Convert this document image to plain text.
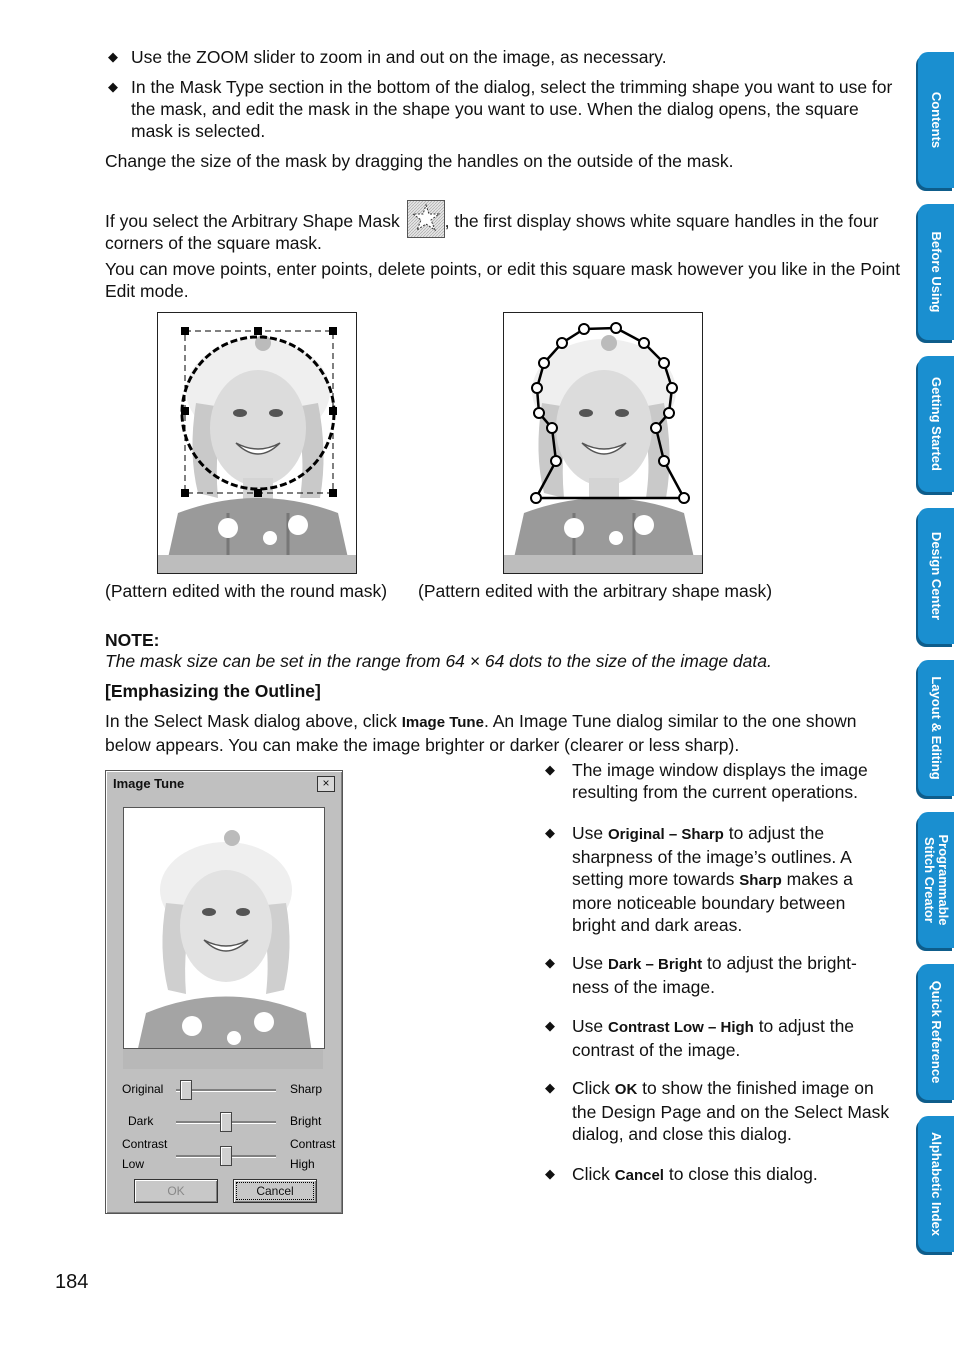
◆ Use the ZOOM slider to zoom in and out on the image, as necessary.
◆ In the Mask Type section in the bottom of the dialog, select the trimming shape you want to use for the mask, and edit the mask in the shape you want to use. When the dialog opens, the square mask is selected.
Change the size of the mask by dragging the handles on the outside of the mask.
If you select the Arbitrary Shape Mask	, the first display shows white square handles in the four
corners of the square mask.
You can move points, enter points, delete points, or edit this square mask however you like in the Point Edit mode.
(Pattern edited with the round mask) (Pattern edited with the arbitrary shape mask)
NOTE:
The mask size can be set in the range from 64 × 64 dots to the size of the image data.
[Emphasizing the Outline]
In the Select Mask dialog above, click Image Tune. An Image Tune dialog similar to the one shown below appears. You can make the image brighter or darker (clearer or less sharp).
Image Tune	×
Original	Sharp
Dark	Bright
Contrast
Low
Contrast
High
OK	Cancel
◆ The image window displays the image resulting from the current operations.
◆ Use Original – Sharp to adjust the sharpness of the image’s outlines. A setting more towards Sharp makes a more noticeable boundary between bright and dark areas.
◆ Use Dark – Bright to adjust the bright-ness of the image.
◆ Use Contrast Low – High to adjust the contrast of the image.
◆ Click OK to show the finished image on the Design Page and on the Select Mask dialog, and close this dialog.
◆ Click Cancel to close this dialog.
184
Contents
Before Using
Getting Started
Design Center
Layout & Editing
Programmable Stitch Creator
Quick Reference
Alphabetic Index
